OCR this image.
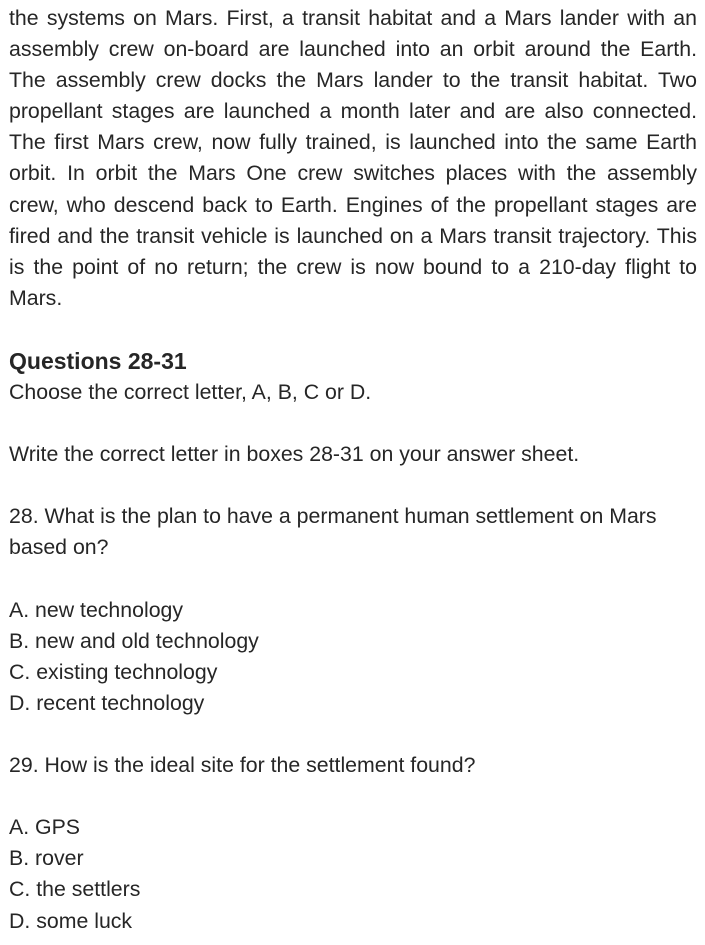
the systems on Mars. First, a transit habitat and a Mars lander with an assembly crew on-board are launched into an orbit around the Earth. The assembly crew docks the Mars lander to the transit habitat. Two propellant stages are launched a month later and are also connected. The first Mars crew, now fully trained, is launched into the same Earth orbit. In orbit the Mars One crew switches places with the assembly crew, who descend back to Earth. Engines of the propellant stages are fired and the transit vehicle is launched on a Mars transit trajectory. This is the point of no return; the crew is now bound to a 210-day flight to Mars.

Questions 28-31

Choose the correct letter, A, B, C or D.

Write the correct letter in boxes 28-31 on your answer sheet.

28. What is the plan to have a permanent human settlement on Mars based on?

A. new technology
B. new and old technology
C. existing technology
D. recent technology

29. How is the ideal site for the settlement found?

A. GPS
B. rover
C. the settlers
D. some luck
